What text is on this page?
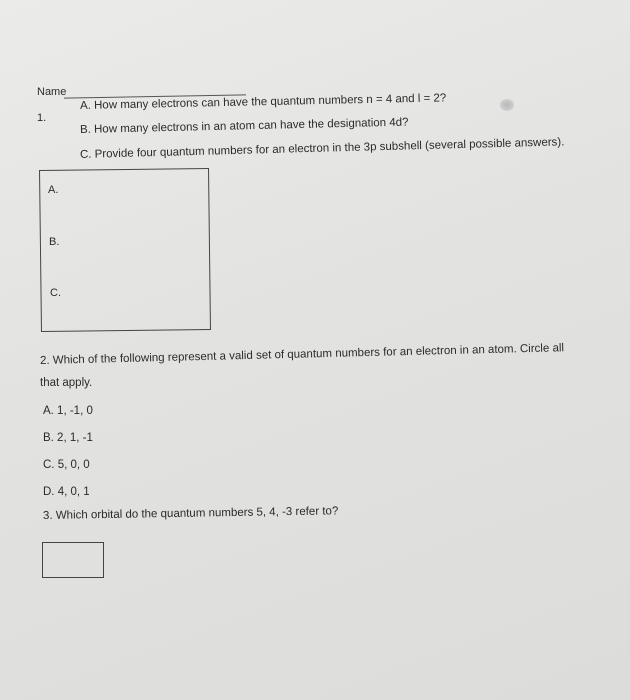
Name
1.
A. How many electrons can have the quantum numbers n = 4 and l = 2?
B. How many electrons in an atom can have the designation 4d?
C. Provide four quantum numbers for an electron in the 3p subshell (several possible answers).
A.
B.
C.
2. Which of the following represent a valid set of quantum numbers for an electron in an atom. Circle all
that apply.
A. 1, -1, 0
B. 2, 1, -1
C. 5, 0, 0
D. 4, 0, 1
3. Which orbital do the quantum numbers 5, 4, -3 refer to?
